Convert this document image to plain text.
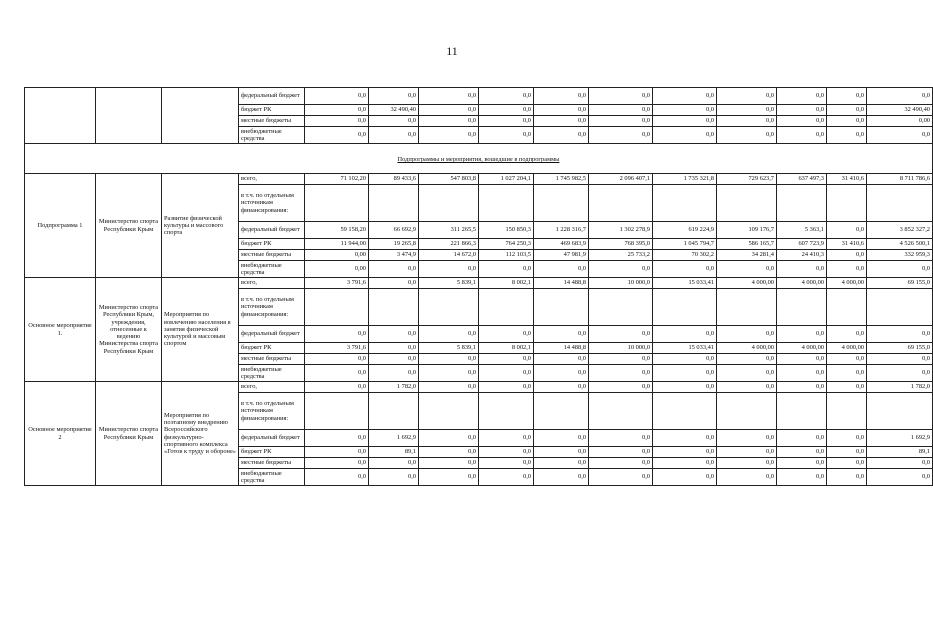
11
			федеральный бюджет	0,0	0,0	0,0	0,0	0,0	0,0	0,0	0,0	0,0	0,0	0,0
			бюджет РК	0,0	32 490,40	0,0	0,0	0,0	0,0	0,0	0,0	0,0	0,0	32 490,40
			местные бюджеты	0,0	0,0	0,0	0,0	0,0	0,0	0,0	0,0	0,0	0,0	0,00
			внебюджетные средства	0,0	0,0	0,0	0,0	0,0	0,0	0,0	0,0	0,0	0,0	0,0
Подпрограммы и мероприятия, вошедшие в подпрограммы														
Подпрограмма 1	Министерство спорта Республики Крым	Развитие физической культуры и массового спорта	всего,	71 102,20	89 433,6	547 803,8	1 027 204,1	1 745 982,5	2 096 407,1	1 735 321,8	729 623,7	637 497,3	31 410,6	8 711 786,6
			в т.ч. по отдельным источникам финансирования:											
			федеральный бюджет	59 158,20	66 692,9	311 265,5	150 850,3	1 228 316,7	1 302 278,9	619 224,9	109 176,7	5 363,1	0,0	3 852 327,2
			бюджет РК	11 944,00	19 265,8	221 866,3	764 250,3	469 683,9	768 395,0	1 045 794,7	586 165,7	607 723,9	31 410,6	4 526 500,1
			местные бюджеты	0,00	3 474,9	14 672,0	112 103,5	47 981,9	25 733,2	70 302,2	34 281,4	24 410,3	0,0	332 959,3
			внебюджетные средства	0,00	0,0	0,0	0,0	0,0	0,0	0,0	0,0	0,0	0,0	0,0
Основное мероприятие 1.	Министерство спорта Республики Крым, учреждения, отнесенные к ведению Министерства спорта Республики Крым	Мероприятия по вовлечению населения в занятия физической культурой и массовым спортом	всего,	3 791,6	0,0	5 839,1	8 002,1	14 488,8	10 000,0	15 033,41	4 000,00	4 000,00	4 000,00	69 155,0
			в т.ч. по отдельным источникам финансирования:											
			федеральный бюджет	0,0	0,0	0,0	0,0	0,0	0,0	0,0	0,0	0,0	0,0	0,0
			бюджет РК	3 791,6	0,0	5 839,1	8 002,1	14 488,8	10 000,0	15 033,41	4 000,00	4 000,00	4 000,00	69 155,0
			местные бюджеты	0,0	0,0	0,0	0,0	0,0	0,0	0,0	0,0	0,0	0,0	0,0
			внебюджетные средства	0,0	0,0	0,0	0,0	0,0	0,0	0,0	0,0	0,0	0,0	0,0
Основное мероприятие 2	Министерство спорта Республики Крым	Мероприятия по поэтапному внедрению Всероссийского физкультурно-спортивного комплекса «Готов к труду и обороне»	всего,	0,0	1 782,0	0,0	0,0	0,0	0,0	0,0	0,0	0,0	0,0	1 782,0
			в т.ч. по отдельным источникам финансирования:											
			федеральный бюджет	0,0	1 692,9	0,0	0,0	0,0	0,0	0,0	0,0	0,0	0,0	1 692,9
			бюджет РК	0,0	89,1	0,0	0,0	0,0	0,0	0,0	0,0	0,0	0,0	89,1
			местные бюджеты	0,0	0,0	0,0	0,0	0,0	0,0	0,0	0,0	0,0	0,0	0,0
			внебюджетные средства	0,0	0,0	0,0	0,0	0,0	0,0	0,0	0,0	0,0	0,0	0,0
